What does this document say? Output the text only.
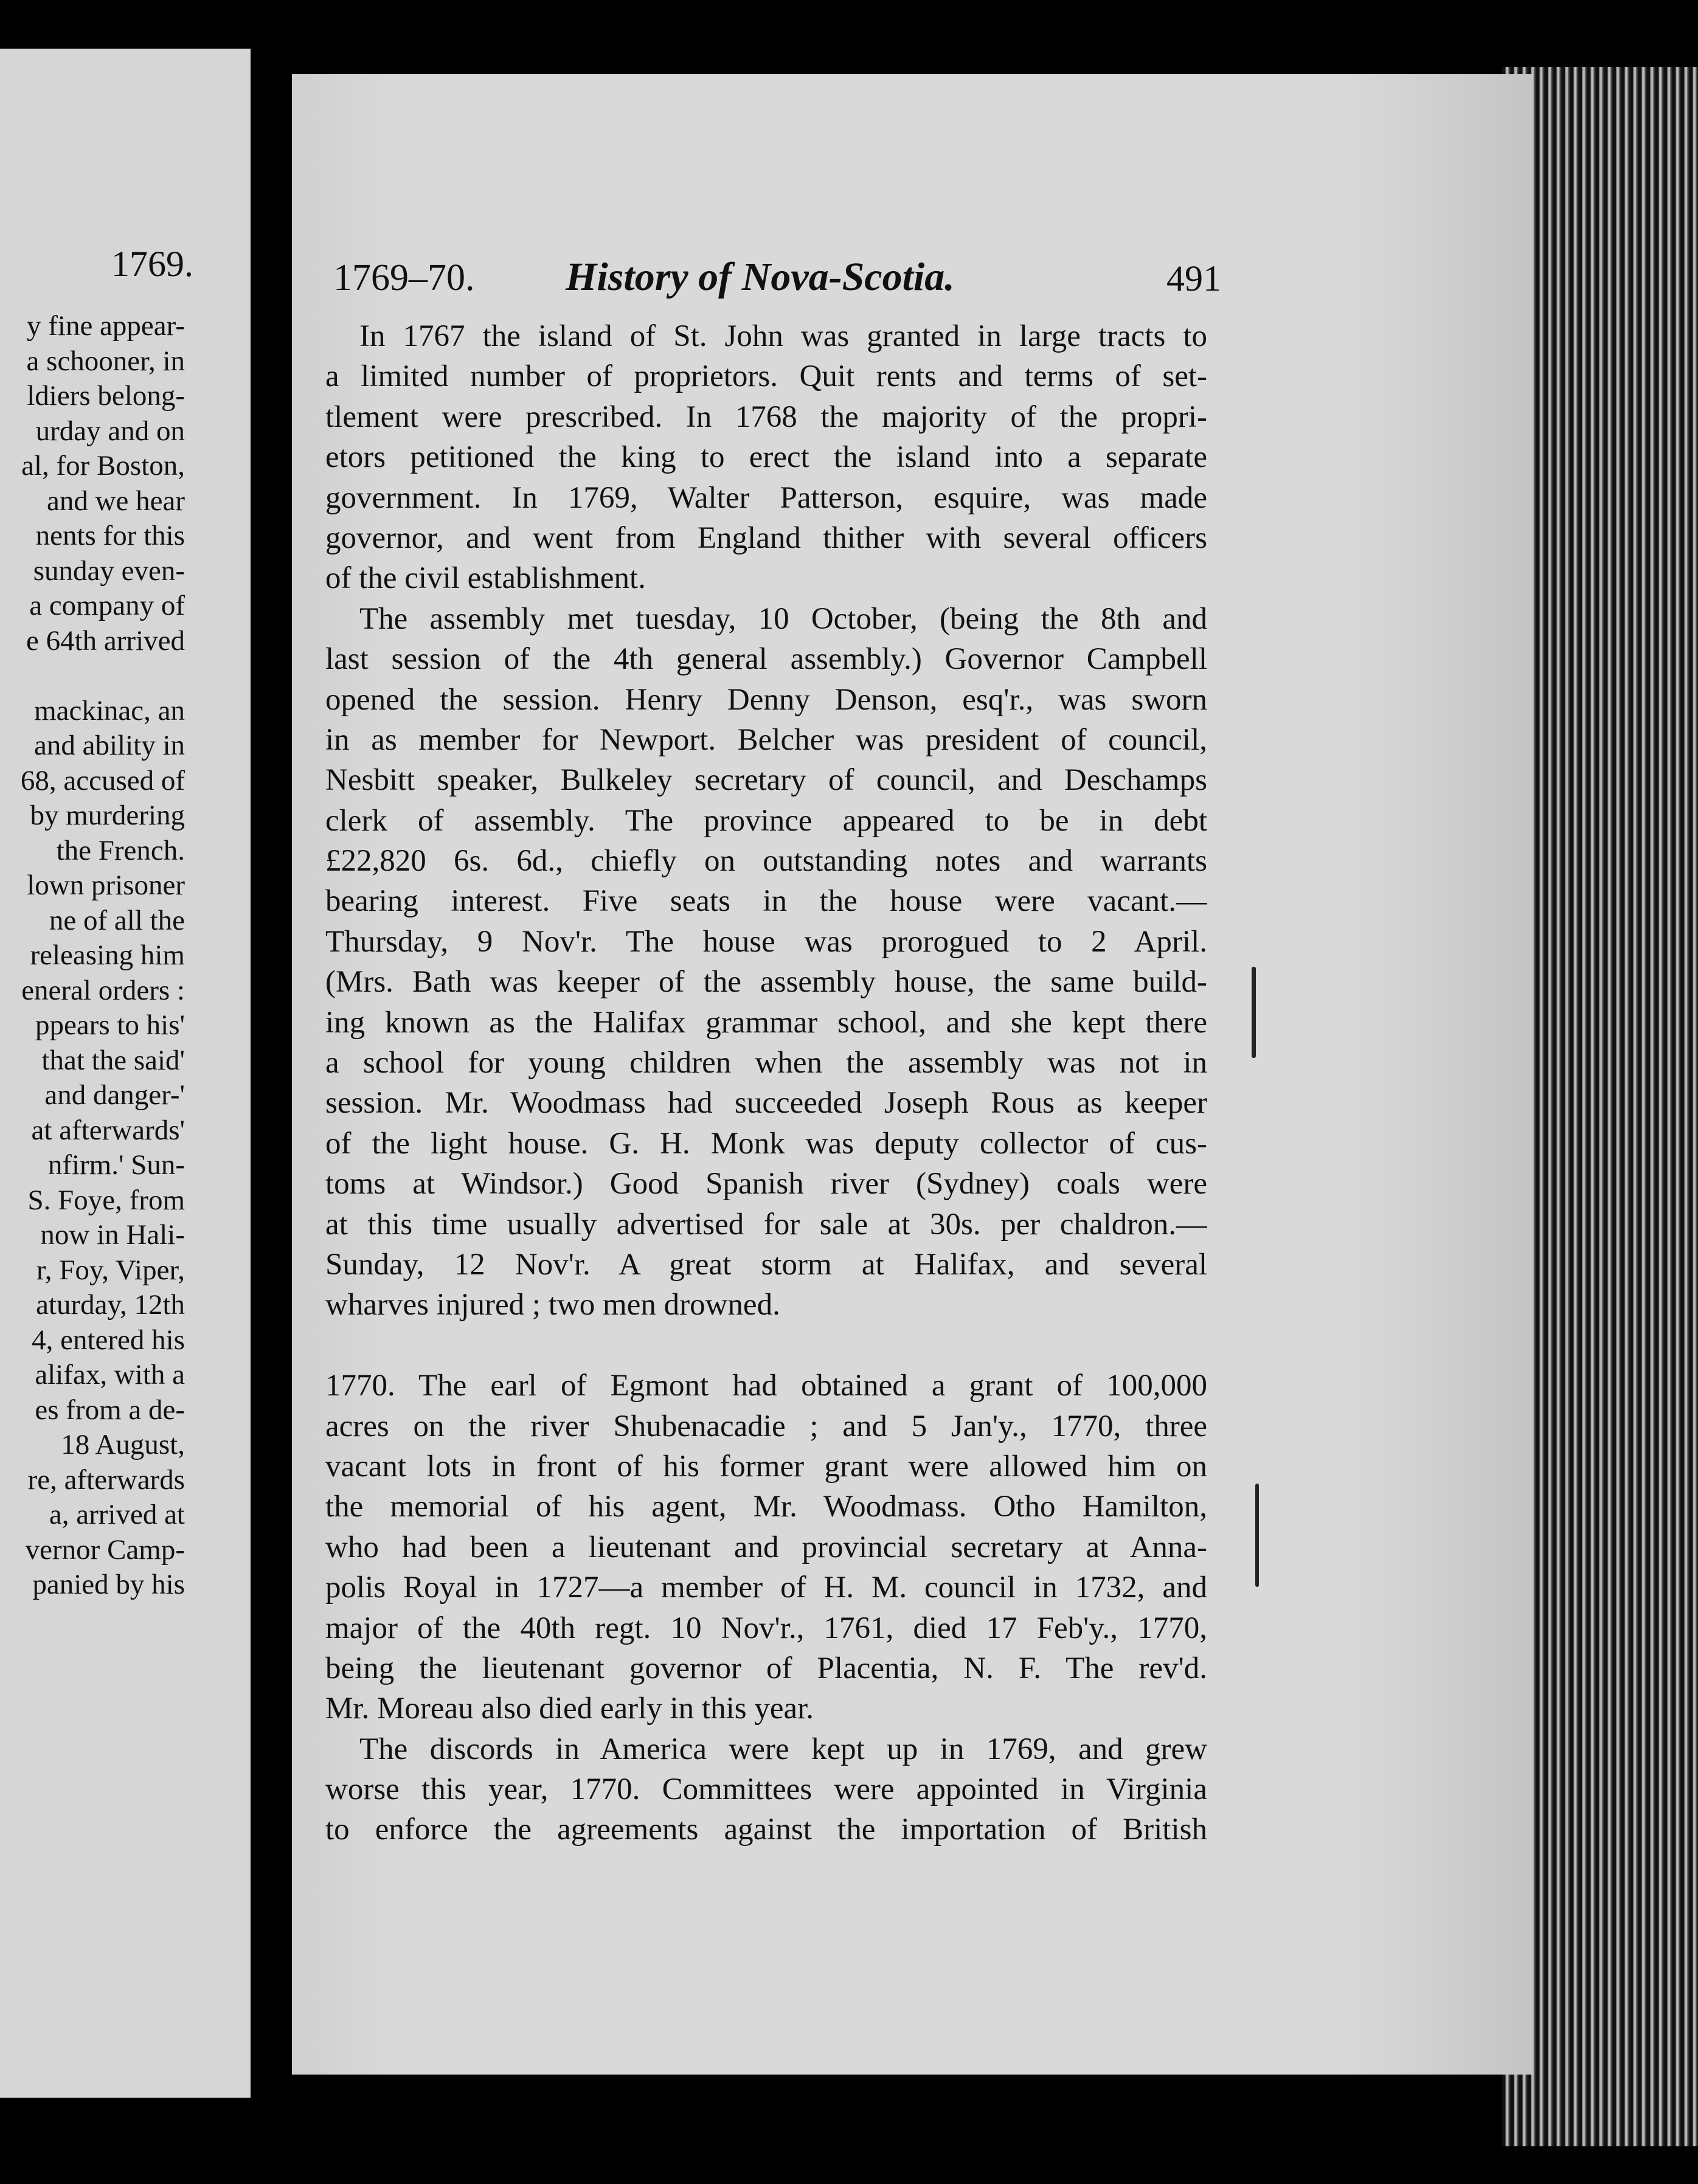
1769.
y fine appear-
a schooner, in
ldiers belong-
urday and on
al, for Boston,
and we hear
nents for this
sunday even-
a company of
e 64th arrived
mackinac, an
and ability in
68, accused of
by murdering
the French.
lown prisoner
ne of all the
releasing him
eneral orders :
ppears to his'
that the said'
and danger-'
at afterwards'
nfirm.' Sun-
S. Foye, from
now in Hali-
r, Foy, Viper,
aturday, 12th
4, entered his
alifax, with a
es from a de-
18 August,
re, afterwards
a, arrived at
vernor Camp-
panied by his
1769–70. History of Nova-Scotia.	491
In 1767 the island of St. John was granted in large tracts to
a limited number of proprietors. Quit rents and terms of set-
tlement were prescribed. In 1768 the majority of the propri-
etors petitioned the king to erect the island into a separate
government. In 1769, Walter Patterson, esquire, was made
governor, and went from England thither with several officers
of the civil establishment.
The assembly met tuesday, 10 October, (being the 8th and
last session of the 4th general assembly.) Governor Campbell
opened the session. Henry Denny Denson, esq'r., was sworn
in as member for Newport. Belcher was president of council,
Nesbitt speaker, Bulkeley secretary of council, and Deschamps
clerk of assembly. The province appeared to be in debt
£22,820 6s. 6d., chiefly on outstanding notes and warrants
bearing interest. Five seats in the house were vacant.—
Thursday, 9 Nov'r. The house was prorogued to 2 April.
(Mrs. Bath was keeper of the assembly house, the same build-
ing known as the Halifax grammar school, and she kept there
a school for young children when the assembly was not in
session. Mr. Woodmass had succeeded Joseph Rous as keeper
of the light house. G. H. Monk was deputy collector of cus-
toms at Windsor.) Good Spanish river (Sydney) coals were
at this time usually advertised for sale at 30s. per chaldron.—
Sunday, 12 Nov'r. A great storm at Halifax, and several
wharves injured ; two men drowned.
1770. The earl of Egmont had obtained a grant of 100,000
acres on the river Shubenacadie ; and 5 Jan'y., 1770, three
vacant lots in front of his former grant were allowed him on
the memorial of his agent, Mr. Woodmass. Otho Hamilton,
who had been a lieutenant and provincial secretary at Anna-
polis Royal in 1727—a member of H. M. council in 1732, and
major of the 40th regt. 10 Nov'r., 1761, died 17 Feb'y., 1770,
being the lieutenant governor of Placentia, N. F. The rev'd.
Mr. Moreau also died early in this year.
The discords in America were kept up in 1769, and grew
worse this year, 1770. Committees were appointed in Virginia
to enforce the agreements against the importation of British
